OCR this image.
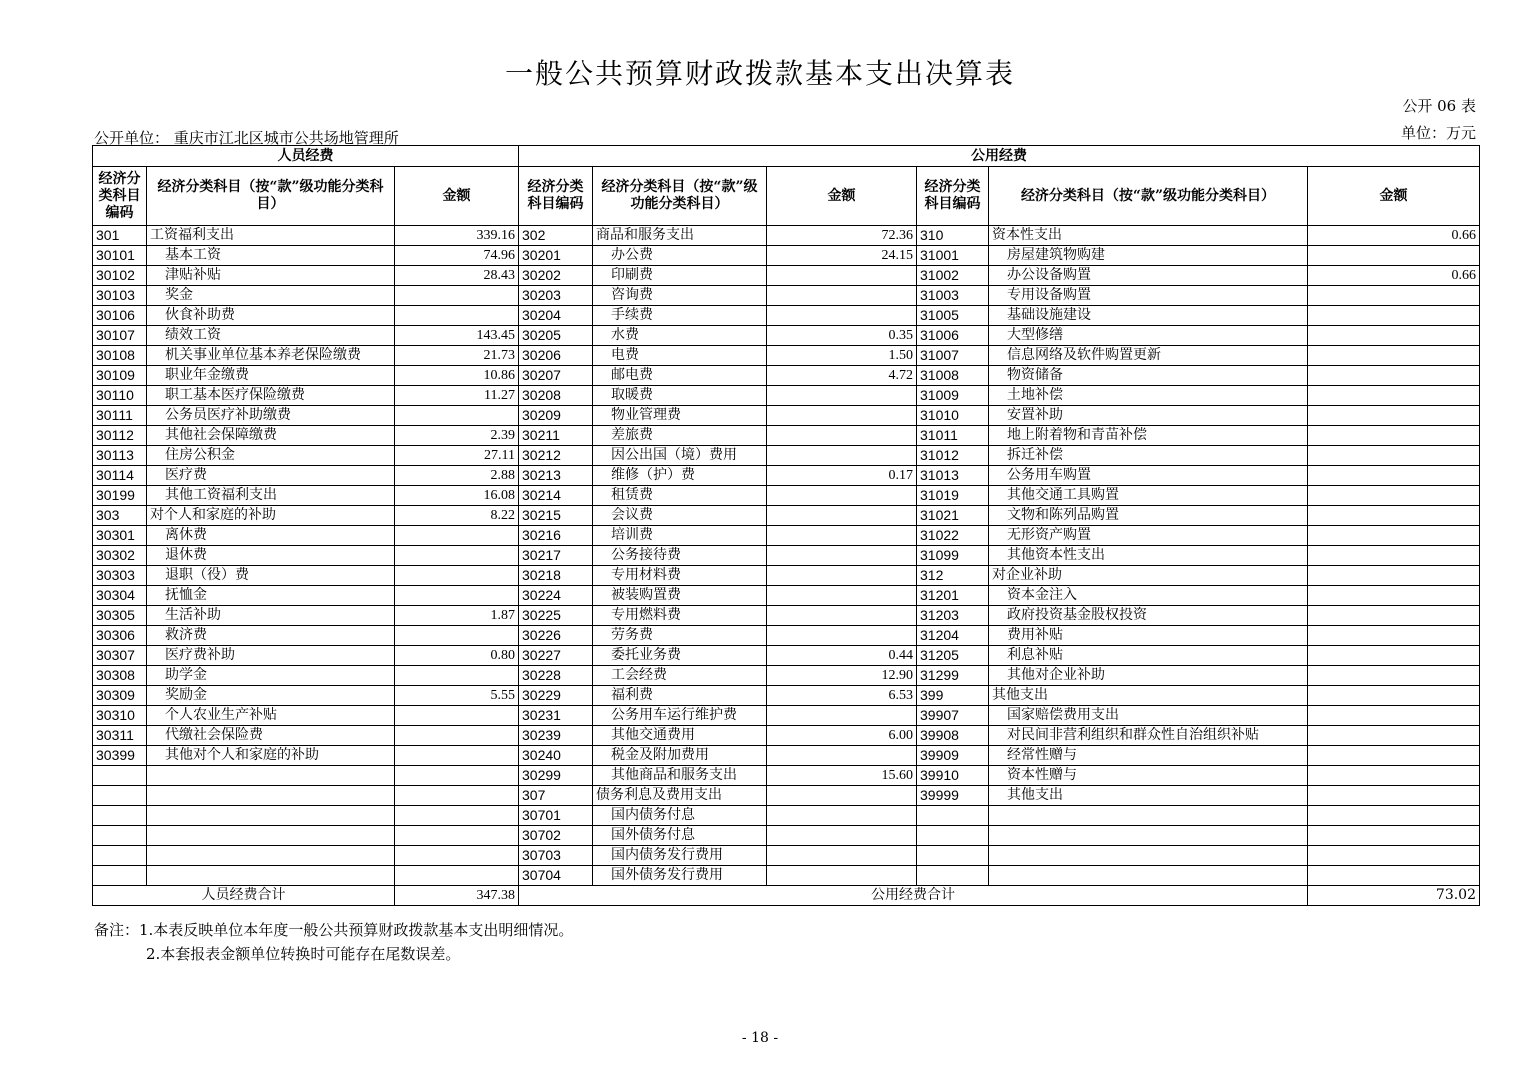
一般公共预算财政拨款基本支出决算表
公开 06 表
公开单位： 重庆市江北区城市公共场地管理所	单位：万元
人员经费			公用经费					
经济分类科目编码	经济分类科目（按“款”级功能分类科目）	金额	经济分类科目编码	经济分类科目（按“款”级功能分类科目）	金额	经济分类科目编码	经济分类科目（按“款”级功能分类科目）	金额
301	工资福利支出	339.16	302	商品和服务支出	72.36	310	资本性支出	0.66
30101	基本工资	74.96	30201	办公费	24.15	31001	房屋建筑物购建	
30102	津贴补贴	28.43	30202	印刷费		31002	办公设备购置	0.66
30103	奖金		30203	咨询费		31003	专用设备购置	
30106	伙食补助费		30204	手续费		31005	基础设施建设	
30107	绩效工资	143.45	30205	水费	0.35	31006	大型修缮	
30108	机关事业单位基本养老保险缴费	21.73	30206	电费	1.50	31007	信息网络及软件购置更新	
30109	职业年金缴费	10.86	30207	邮电费	4.72	31008	物资储备	
30110	职工基本医疗保险缴费	11.27	30208	取暖费		31009	土地补偿	
30111	公务员医疗补助缴费		30209	物业管理费		31010	安置补助	
30112	其他社会保障缴费	2.39	30211	差旅费		31011	地上附着物和青苗补偿	
30113	住房公积金	27.11	30212	因公出国（境）费用		31012	拆迁补偿	
30114	医疗费	2.88	30213	维修（护）费	0.17	31013	公务用车购置	
30199	其他工资福利支出	16.08	30214	租赁费		31019	其他交通工具购置	
303	对个人和家庭的补助	8.22	30215	会议费		31021	文物和陈列品购置	
30301	离休费		30216	培训费		31022	无形资产购置	
30302	退休费		30217	公务接待费		31099	其他资本性支出	
30303	退职（役）费		30218	专用材料费		312	对企业补助	
30304	抚恤金		30224	被装购置费		31201	资本金注入	
30305	生活补助	1.87	30225	专用燃料费		31203	政府投资基金股权投资	
30306	救济费		30226	劳务费		31204	费用补贴	
30307	医疗费补助	0.80	30227	委托业务费	0.44	31205	利息补贴	
30308	助学金		30228	工会经费	12.90	31299	其他对企业补助	
30309	奖励金	5.55	30229	福利费	6.53	399	其他支出	
30310	个人农业生产补贴		30231	公务用车运行维护费		39907	国家赔偿费用支出	
30311	代缴社会保险费		30239	其他交通费用	6.00	39908	对民间非营利组织和群众性自治组织补贴	
30399	其他对个人和家庭的补助		30240	税金及附加费用		39909	经常性赠与	
			30299	其他商品和服务支出	15.60	39910	资本性赠与	
			307	债务利息及费用支出		39999	其他支出	
			30701	国内债务付息				
			30702	国外债务付息				
			30703	国内债务发行费用				
			30704	国外债务发行费用				
人员经费合计		347.38	公用经费合计					73.02
备注：1.本表反映单位本年度一般公共预算财政拨款基本支出明细情况。
2.本套报表金额单位转换时可能存在尾数误差。
- 18 -
